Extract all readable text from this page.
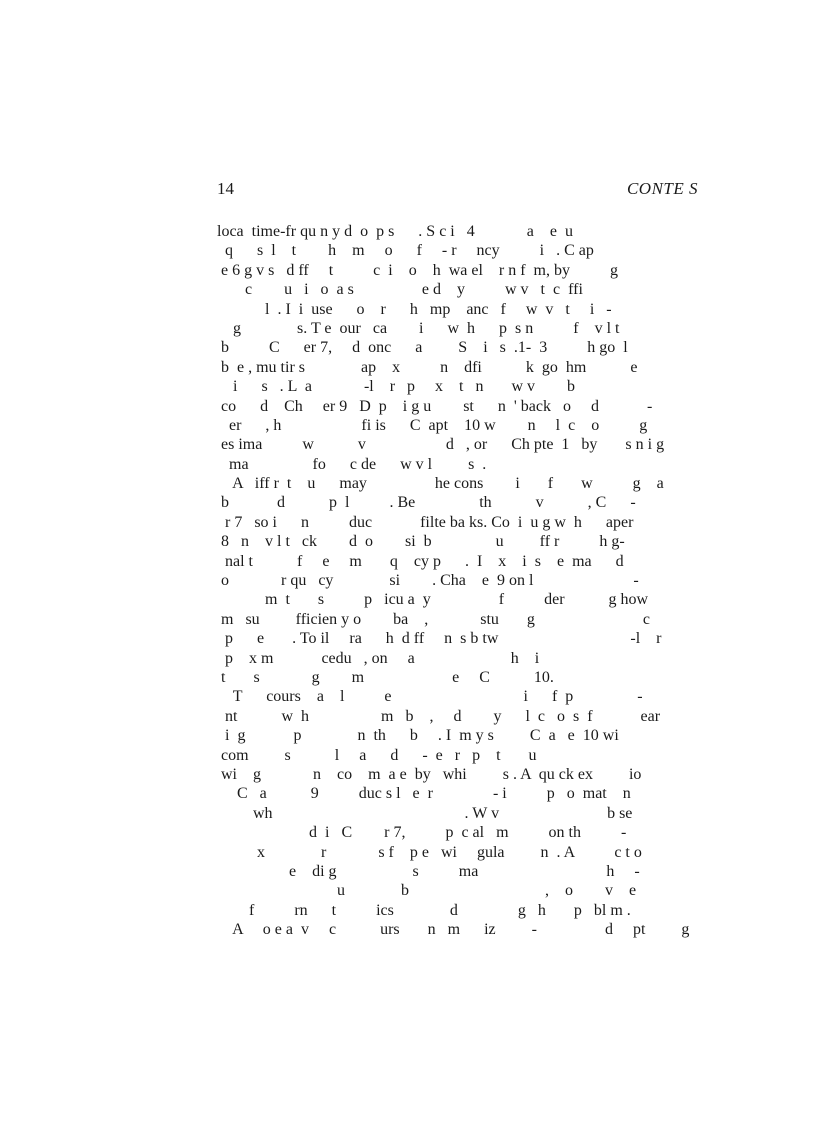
14	CONTE S
loca  time-fr qu n y d  o  p s      . S c i   4             a    e  u
q      s  l    t        h    m     o      f     - r     ncy          i   . C ap
e 6 g v s   d ff     t          c  i    o    h  wa el    r n f  m, by          g
c        u   i   o  a s                 e d    y          w v   t  c  ffi
l  . I  i  use      o    r      h   mp    anc   f     w  v   t     i   -
g              s. T e  our   ca        i      w  h      p  s n          f    v l t
b          C      er 7,     d  onc      a         S    i   s  .1-  3          h go  l
b  e , mu tir s              ap    x          n    dfi           k  go  hm           e
i      s   . L  a             -l    r   p     x    t   n       w v        b
co      d    Ch     er 9   D  p    i g u        st      n  ' back   o     d            -
er      , h                    fi is      C  apt    10 w        n     l  c    o          g
es ima          w           v                    d   , or      Ch pte  1   by       s n i g
ma                fo      c de      w v l         s  .
A   iff r  t    u      may                 he cons        i       f       w          g    a
b            d           p  l          . Be                th           v           , C      -
r 7   so i      n          duc            filte ba ks. Co  i  u g w  h      aper
8   n    v l t   ck        d  o        si  b                u         ff r          h g-
nal t           f     e     m       q    cy p      .  I    x    i  s    e  ma      d
o             r qu   cy              si        . Cha    e  9 on l                         -
m  t       s          p   icu a  y                 f          der           g how
m   su         fficien y o        ba    ,             stu       g                           c
p      e       . To il     ra      h  d ff     n  s b tw                                 -l    r
p    x m            cedu   , on     a                        h    i
t       s             g        m                      e     C           10.
T      cours    a    l          e                                 i      f  p                -
nt           w  h                  m   b    ,     d        y      l  c   o  s  f            ear
i  g            p              n  th      b     . I  m y s         C  a   e  10 wi
com         s           l     a      d      -  e   r   p    t       u
wi    g             n    co    m  a e  by   whi         s . A  qu ck ex         io
C   a           9          duc s l   e  r               - i          p   o  mat    n
wh                                                . W v                           b se
d  i   C        r 7,          p  c al   m          on th          -
x              r             s f    p e   wi     gula         n  . A          c t o
e    di g                   s          ma                                h     -
u              b                                  ,    o        v    e
f          rn      t          ics              d               g   h       p   bl m .
A     o e a  v     c           urs       n   m      iz         -                 d     pt         g
